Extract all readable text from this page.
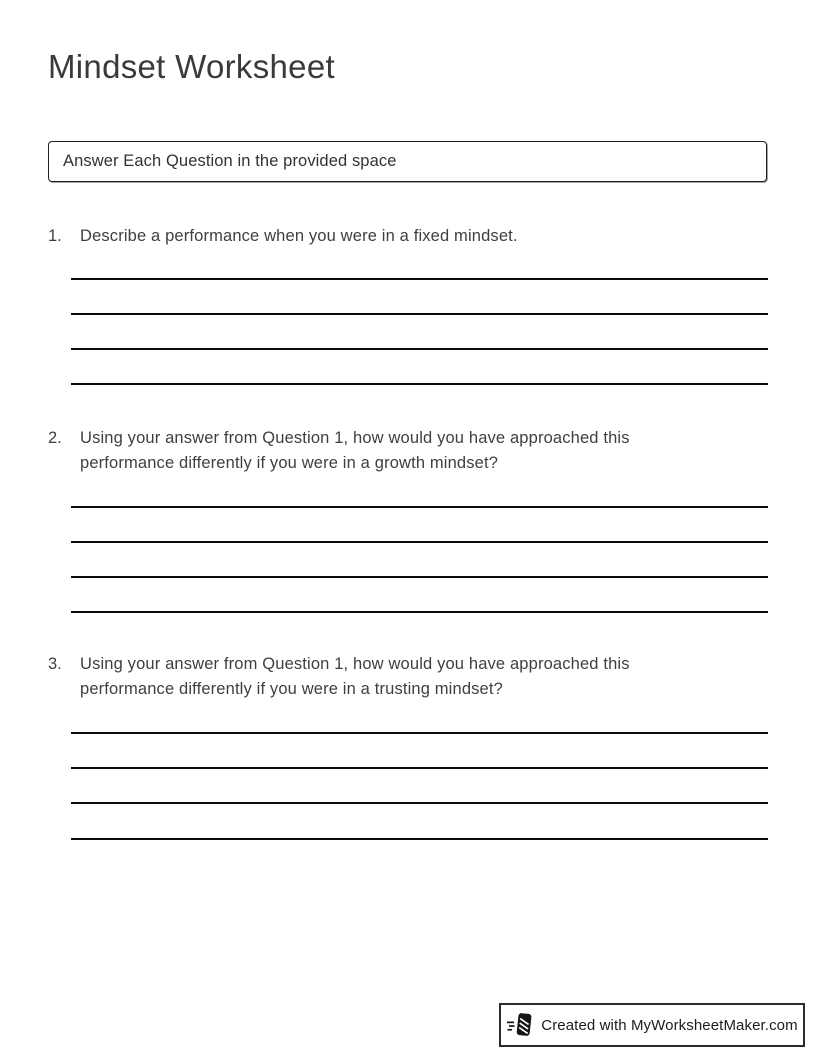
Mindset Worksheet
Answer Each Question in the provided space
1.	Describe a performance when you were in a fixed mindset.
2.	Using your answer from Question 1, how would you have approached this
performance differently if you were in a growth mindset?
3.	Using your answer from Question 1, how would you have approached this
performance differently if you were in a trusting mindset?
Created with MyWorksheetMaker.com
